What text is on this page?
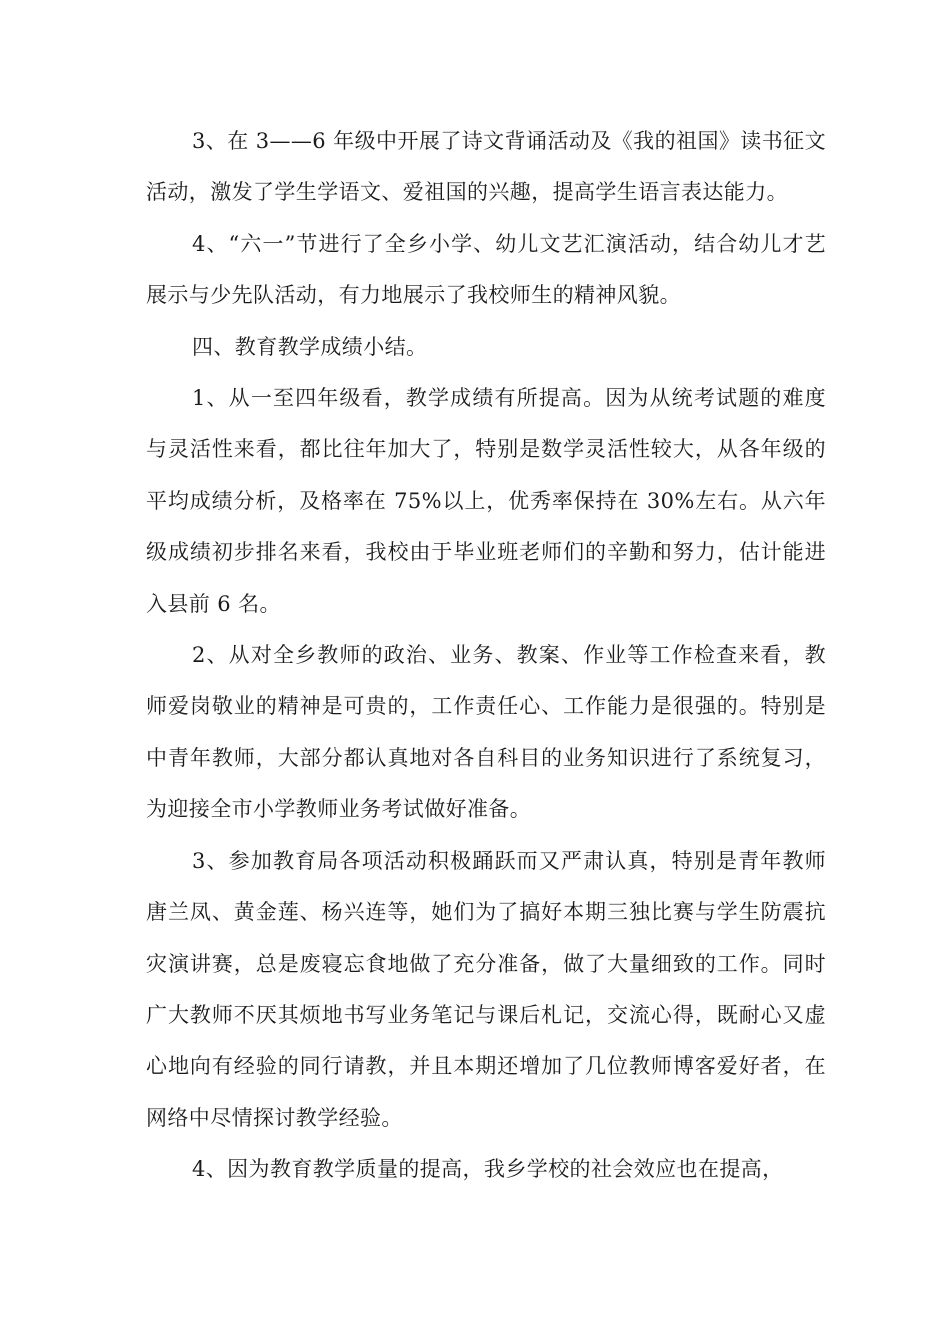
3、在 3——6 年级中开展了诗文背诵活动及《我的祖国》读书征文活动，激发了学生学语文、爱祖国的兴趣，提高学生语言表达能力。

4、“六一”节进行了全乡小学、幼儿文艺汇演活动，结合幼儿才艺展示与少先队活动，有力地展示了我校师生的精神风貌。

四、教育教学成绩小结。

1、从一至四年级看，教学成绩有所提高。因为从统考试题的难度与灵活性来看，都比往年加大了，特别是数学灵活性较大，从各年级的平均成绩分析，及格率在 75%以上，优秀率保持在 30%左右。从六年级成绩初步排名来看，我校由于毕业班老师们的辛勤和努力，估计能进入县前 6 名。

2、从对全乡教师的政治、业务、教案、作业等工作检查来看，教师爱岗敬业的精神是可贵的，工作责任心、工作能力是很强的。特别是中青年教师，大部分都认真地对各自科目的业务知识进行了系统复习，为迎接全市小学教师业务考试做好准备。

3、参加教育局各项活动积极踊跃而又严肃认真，特别是青年教师唐兰凤、黄金莲、杨兴连等，她们为了搞好本期三独比赛与学生防震抗灾演讲赛，总是废寝忘食地做了充分准备，做了大量细致的工作。同时广大教师不厌其烦地书写业务笔记与课后札记，交流心得，既耐心又虚心地向有经验的同行请教，并且本期还增加了几位教师博客爱好者，在网络中尽情探讨教学经验。

4、因为教育教学质量的提高，我乡学校的社会效应也在提高，
